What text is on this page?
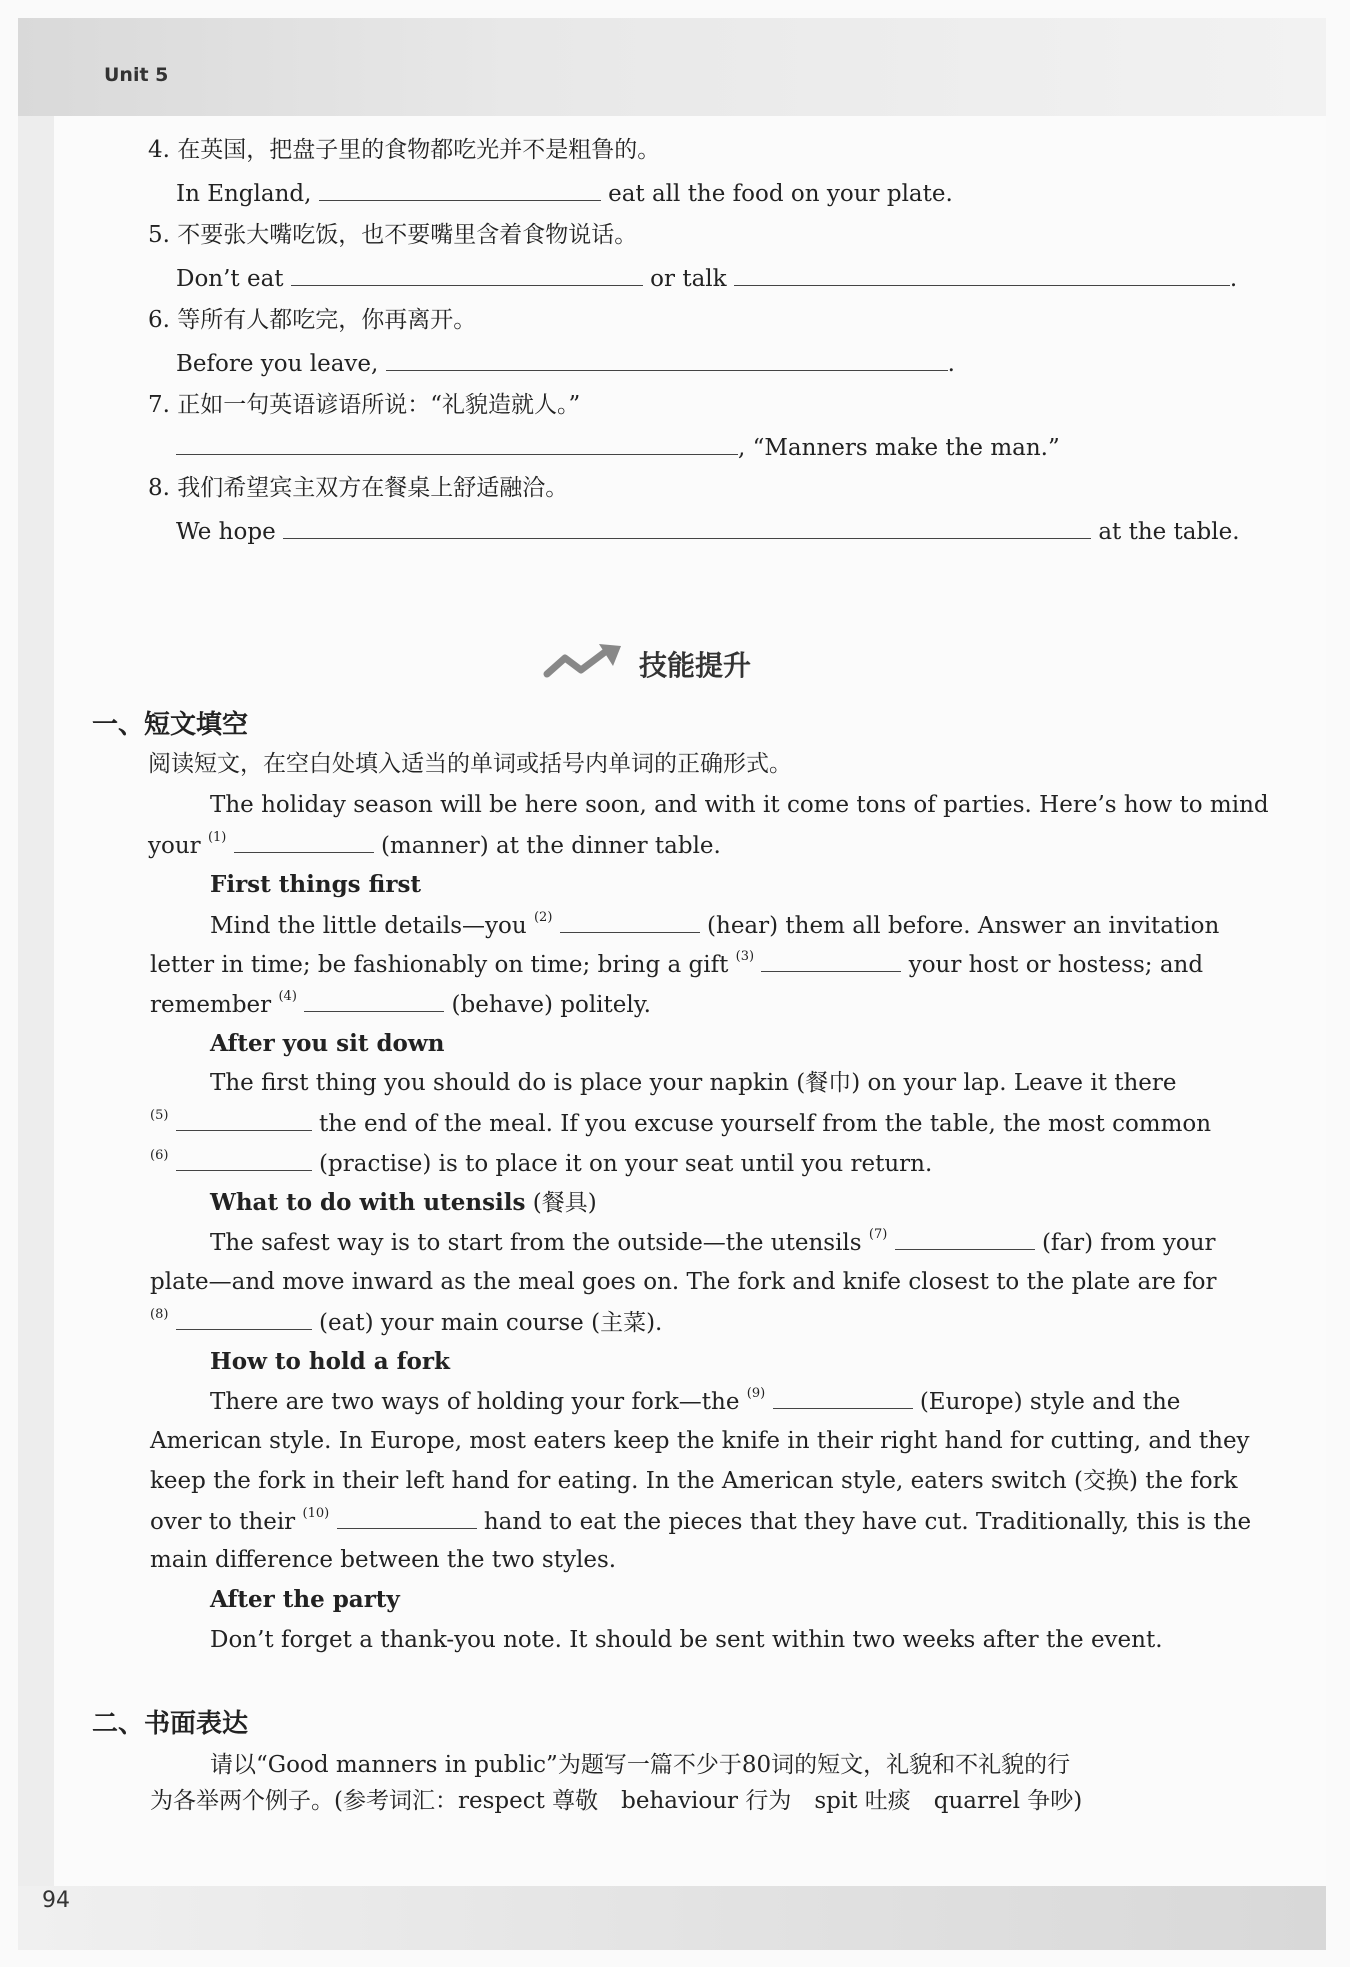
Unit 5
4. 在英国，把盘子里的食物都吃光并不是粗鲁的。
In England,	eat all the food on your plate.
5. 不要张大嘴吃饭，也不要嘴里含着食物说话。
Don’t eat	or talk	.
6. 等所有人都吃完，你再离开。
Before you leave,	.
7. 正如一句英语谚语所说：“礼貌造就人。”
, “Manners make the man.”
8. 我们希望宾主双方在餐桌上舒适融洽。
We hope	at the table.
技能提升
一、短文填空
阅读短文，在空白处填入适当的单词或括号内单词的正确形式。
The holiday season will be here soon, and with it come tons of parties. Here’s how to mind
your $^{(1)}$	(manner) at the dinner table.
First things first
Mind the little details—you $^{(2)}$	(hear) them all before. Answer an invitation
letter in time; be fashionably on time; bring a gift $^{(3)}$	your host or hostess; and
remember $^{(4)}$	(behave) politely.
After you sit down
The first thing you should do is place your napkin (餐巾) on your lap. Leave it there
$^{(5)}$	the end of the meal. If you excuse yourself from the table, the most common
$^{(6)}$	(practise) is to place it on your seat until you return.
What to do with utensils (餐具)
The safest way is to start from the outside—the utensils $^{(7)}$	(far) from your
plate—and move inward as the meal goes on. The fork and knife closest to the plate are for
$^{(8)}$	(eat) your main course (主菜).
How to hold a fork
There are two ways of holding your fork—the $^{(9)}$	(Europe) style and the
American style. In Europe, most eaters keep the knife in their right hand for cutting, and they
keep the fork in their left hand for eating. In the American style, eaters switch (交换) the fork
over to their $^{(10)}$	hand to eat the pieces that they have cut. Traditionally, this is the
main difference between the two styles.
After the party
Don’t forget a thank-you note. It should be sent within two weeks after the event.
二、书面表达
请以“Good manners in public”为题写一篇不少于80词的短文，礼貌和不礼貌的行
为各举两个例子。(参考词汇：respect 尊敬　behaviour 行为　spit 吐痰　quarrel 争吵)
94
